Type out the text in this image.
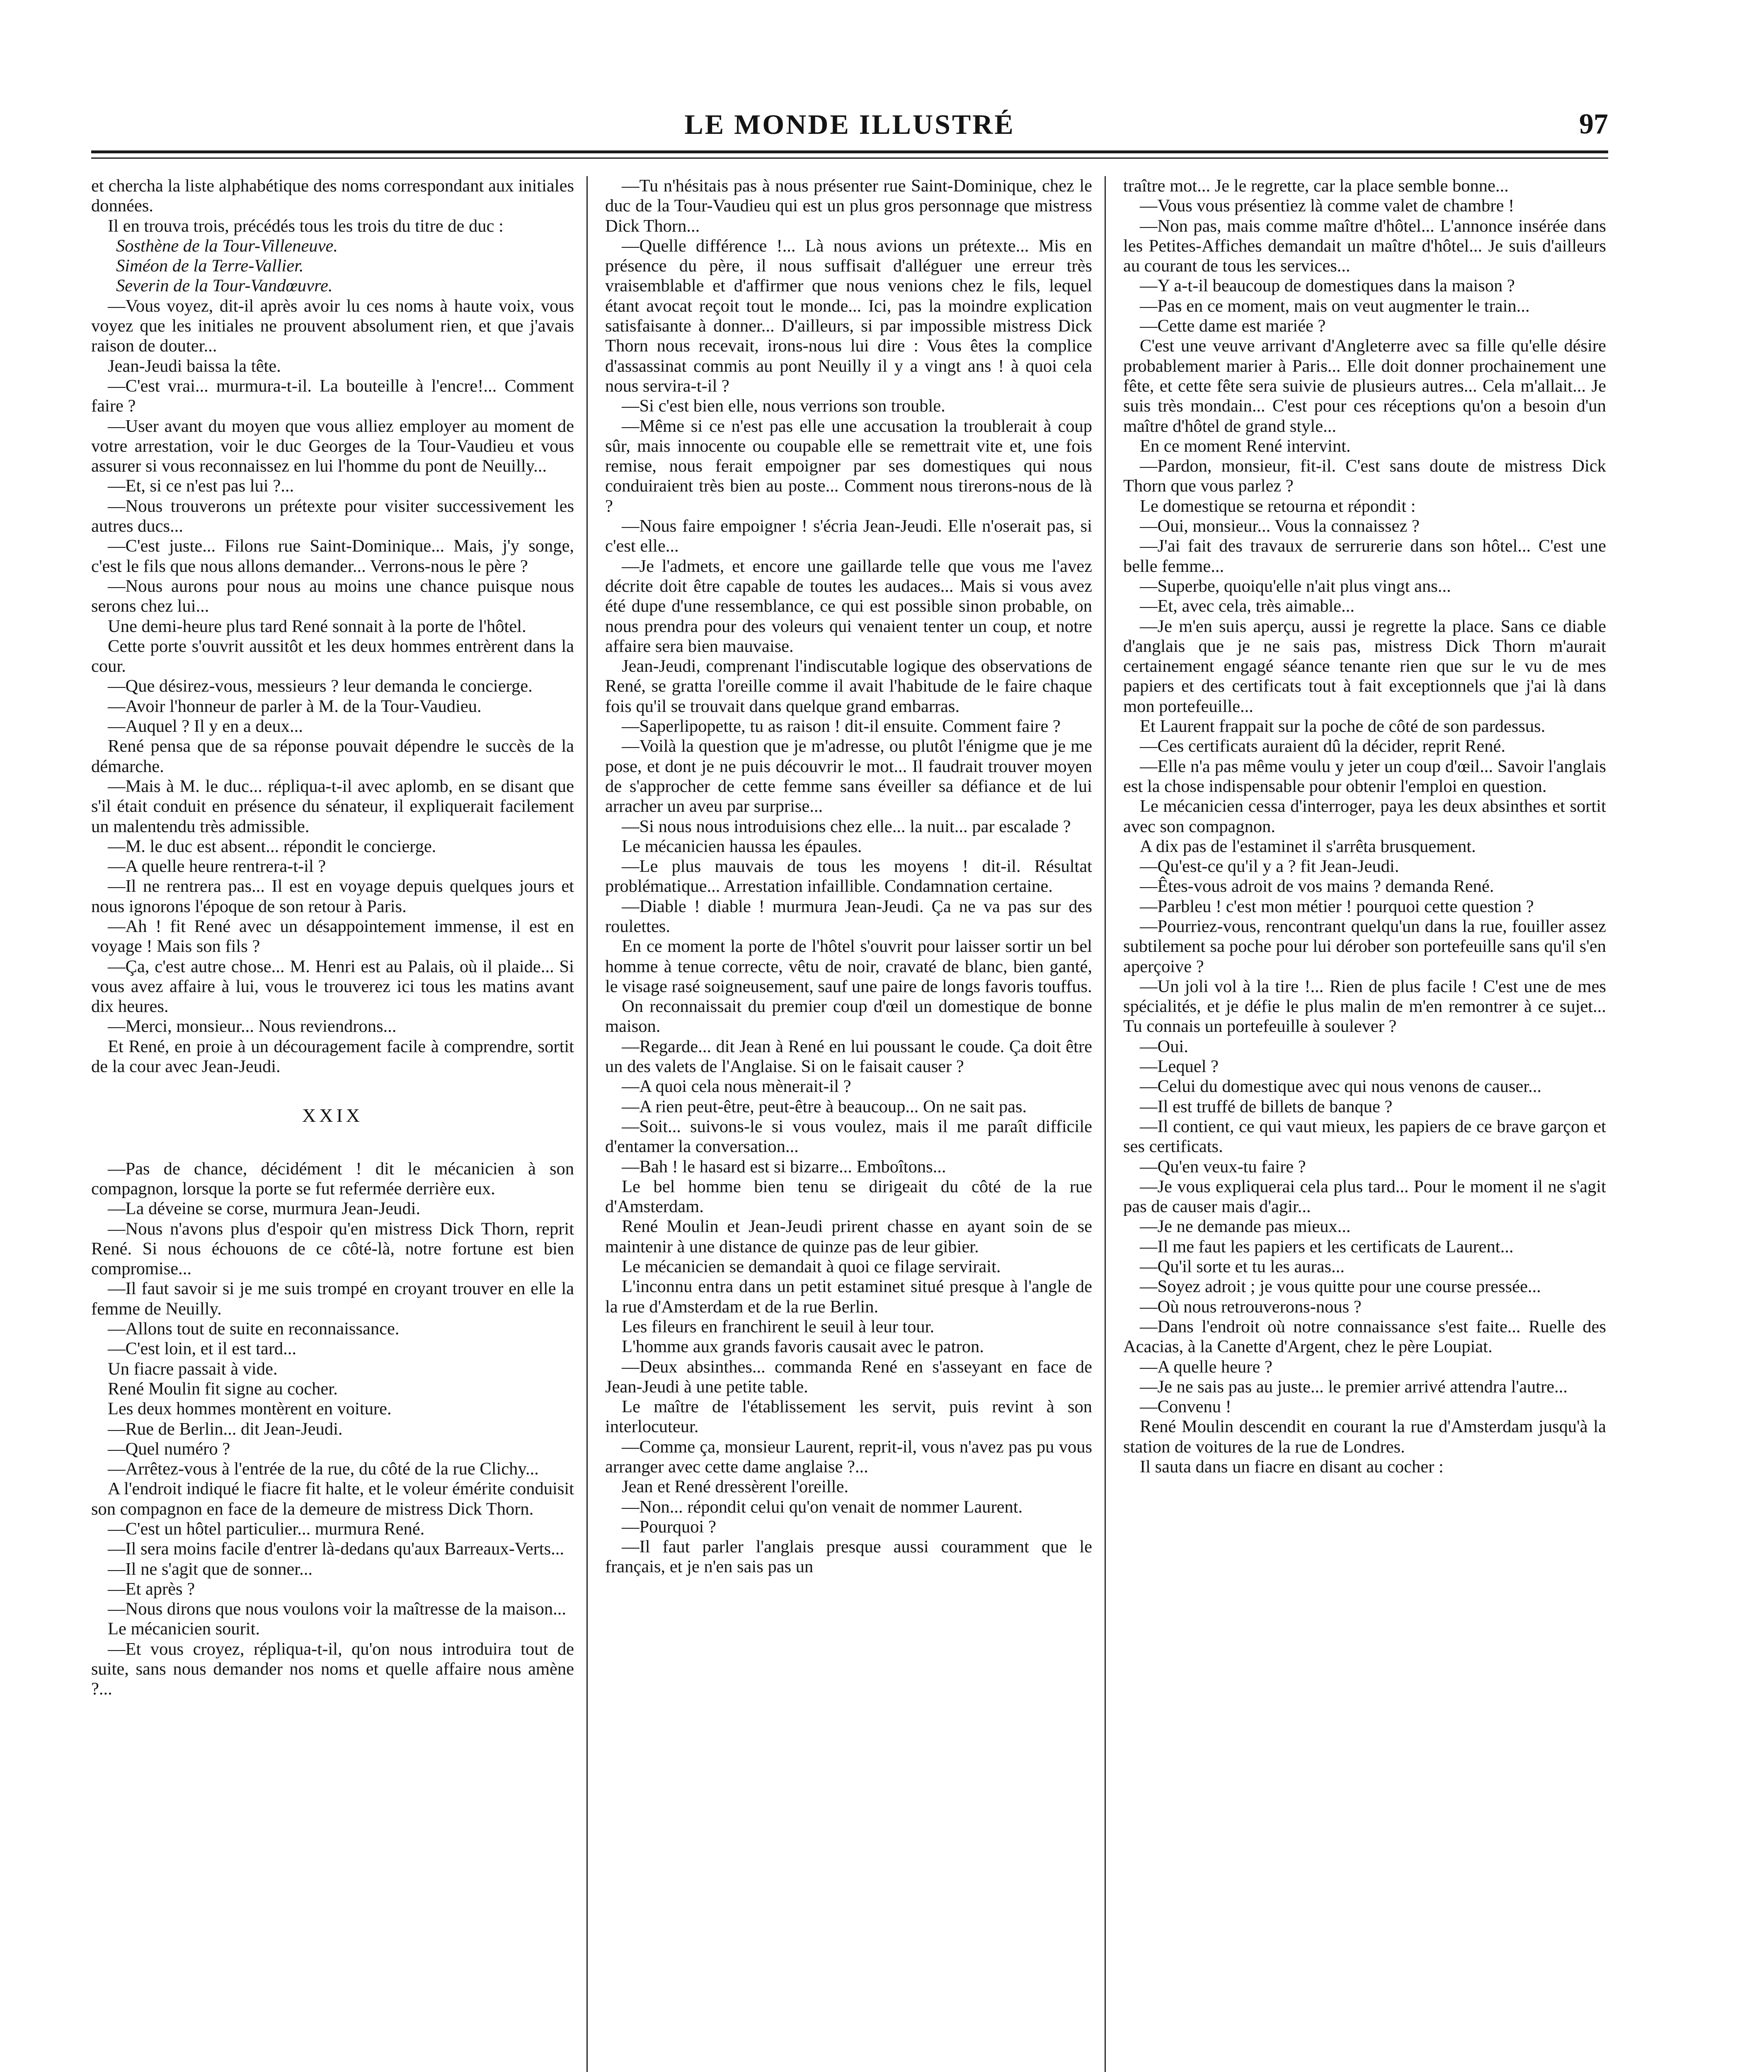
LE MONDE ILLUSTRÉ	97

et chercha la liste alphabétique des noms correspondant aux initiales données.

Il en trouva trois, précédés tous les trois du titre de duc :

Sosthène de la Tour-Villeneuve.

Siméon de la Terre-Vallier.

Severin de la Tour-Vandœuvre.

—Vous voyez, dit-il après avoir lu ces noms à haute voix, vous voyez que les initiales ne prouvent absolument rien, et que j'avais raison de douter...

Jean-Jeudi baissa la tête.

—C'est vrai... murmura-t-il. La bouteille à l'encre!... Comment faire ?

—User avant du moyen que vous alliez employer au moment de votre arrestation, voir le duc Georges de la Tour-Vaudieu et vous assurer si vous reconnaissez en lui l'homme du pont de Neuilly...

—Et, si ce n'est pas lui ?...

—Nous trouverons un prétexte pour visiter successivement les autres ducs...

—C'est juste... Filons rue Saint-Dominique... Mais, j'y songe, c'est le fils que nous allons demander... Verrons-nous le père ?

—Nous aurons pour nous au moins une chance puisque nous serons chez lui...

Une demi-heure plus tard René sonnait à la porte de l'hôtel.

Cette porte s'ouvrit aussitôt et les deux hommes entrèrent dans la cour.

—Que désirez-vous, messieurs ? leur demanda le concierge.

—Avoir l'honneur de parler à M. de la Tour-Vaudieu.

—Auquel ? Il y en a deux...

René pensa que de sa réponse pouvait dépendre le succès de la démarche.

—Mais à M. le duc... répliqua-t-il avec aplomb, en se disant que s'il était conduit en présence du sénateur, il expliquerait facilement un malentendu très admissible.

—M. le duc est absent... répondit le concierge.

—A quelle heure rentrera-t-il ?

—Il ne rentrera pas... Il est en voyage depuis quelques jours et nous ignorons l'époque de son retour à Paris.

—Ah ! fit René avec un désappointement immense, il est en voyage ! Mais son fils ?

—Ça, c'est autre chose... M. Henri est au Palais, où il plaide... Si vous avez affaire à lui, vous le trouverez ici tous les matins avant dix heures.

—Merci, monsieur... Nous reviendrons...

Et René, en proie à un découragement facile à comprendre, sortit de la cour avec Jean-Jeudi.

XXIX

—Pas de chance, décidément ! dit le mécanicien à son compagnon, lorsque la porte se fut refermée derrière eux.

—La déveine se corse, murmura Jean-Jeudi.

—Nous n'avons plus d'espoir qu'en mistress Dick Thorn, reprit René. Si nous échouons de ce côté-là, notre fortune est bien compromise...

—Il faut savoir si je me suis trompé en croyant trouver en elle la femme de Neuilly.

—Allons tout de suite en reconnaissance.

—C'est loin, et il est tard...

Un fiacre passait à vide.

René Moulin fit signe au cocher.

Les deux hommes montèrent en voiture.

—Rue de Berlin... dit Jean-Jeudi.

—Quel numéro ?

—Arrêtez-vous à l'entrée de la rue, du côté de la rue Clichy...

A l'endroit indiqué le fiacre fit halte, et le voleur émérite conduisit son compagnon en face de la demeure de mistress Dick Thorn.

—C'est un hôtel particulier... murmura René.

—Il sera moins facile d'entrer là-dedans qu'aux Barreaux-Verts...

—Il ne s'agit que de sonner...

—Et après ?

—Nous dirons que nous voulons voir la maîtresse de la maison...

Le mécanicien sourit.

—Et vous croyez, répliqua-t-il, qu'on nous introduira tout de suite, sans nous demander nos noms et quelle affaire nous amène ?...

—Tu n'hésitais pas à nous présenter rue Saint-Dominique, chez le duc de la Tour-Vaudieu qui est un plus gros personnage que mistress Dick Thorn...

—Quelle différence !... Là nous avions un prétexte... Mis en présence du père, il nous suffisait d'alléguer une erreur très vraisemblable et d'affirmer que nous venions chez le fils, lequel étant avocat reçoit tout le monde... Ici, pas la moindre explication satisfaisante à donner... D'ailleurs, si par impossible mistress Dick Thorn nous recevait, irons-nous lui dire : Vous êtes la complice d'assassinat commis au pont Neuilly il y a vingt ans ! à quoi cela nous servira-t-il ?

—Si c'est bien elle, nous verrions son trouble.

—Même si ce n'est pas elle une accusation la troublerait à coup sûr, mais innocente ou coupable elle se remettrait vite et, une fois remise, nous ferait empoigner par ses domestiques qui nous conduiraient très bien au poste... Comment nous tirerons-nous de là ?

—Nous faire empoigner ! s'écria Jean-Jeudi. Elle n'oserait pas, si c'est elle...

—Je l'admets, et encore une gaillarde telle que vous me l'avez décrite doit être capable de toutes les audaces... Mais si vous avez été dupe d'une ressemblance, ce qui est possible sinon probable, on nous prendra pour des voleurs qui venaient tenter un coup, et notre affaire sera bien mauvaise.

Jean-Jeudi, comprenant l'indiscutable logique des observations de René, se gratta l'oreille comme il avait l'habitude de le faire chaque fois qu'il se trouvait dans quelque grand embarras.

—Saperlipopette, tu as raison ! dit-il ensuite. Comment faire ?

—Voilà la question que je m'adresse, ou plutôt l'énigme que je me pose, et dont je ne puis découvrir le mot... Il faudrait trouver moyen de s'approcher de cette femme sans éveiller sa défiance et de lui arracher un aveu par surprise...

—Si nous nous introduisions chez elle... la nuit... par escalade ?

Le mécanicien haussa les épaules.

—Le plus mauvais de tous les moyens ! dit-il. Résultat problématique... Arrestation infaillible. Condamnation certaine.

—Diable ! diable ! murmura Jean-Jeudi. Ça ne va pas sur des roulettes.

En ce moment la porte de l'hôtel s'ouvrit pour laisser sortir un bel homme à tenue correcte, vêtu de noir, cravaté de blanc, bien ganté, le visage rasé soigneusement, sauf une paire de longs favoris touffus.

On reconnaissait du premier coup d'œil un domestique de bonne maison.

—Regarde... dit Jean à René en lui poussant le coude. Ça doit être un des valets de l'Anglaise. Si on le faisait causer ?

—A quoi cela nous mènerait-il ?

—A rien peut-être, peut-être à beaucoup... On ne sait pas.

—Soit... suivons-le si vous voulez, mais il me paraît difficile d'entamer la conversation...

—Bah ! le hasard est si bizarre... Emboîtons...

Le bel homme bien tenu se dirigeait du côté de la rue d'Amsterdam.

René Moulin et Jean-Jeudi prirent chasse en ayant soin de se maintenir à une distance de quinze pas de leur gibier.

Le mécanicien se demandait à quoi ce filage servirait.

L'inconnu entra dans un petit estaminet situé presque à l'angle de la rue d'Amsterdam et de la rue Berlin.

Les fileurs en franchirent le seuil à leur tour.

L'homme aux grands favoris causait avec le patron.

—Deux absinthes... commanda René en s'asseyant en face de Jean-Jeudi à une petite table.

Le maître de l'établissement les servit, puis revint à son interlocuteur.

—Comme ça, monsieur Laurent, reprit-il, vous n'avez pas pu vous arranger avec cette dame anglaise ?...

Jean et René dressèrent l'oreille.

—Non... répondit celui qu'on venait de nommer Laurent.

—Pourquoi ?

—Il faut parler l'anglais presque aussi couramment que le français, et je n'en sais pas un

traître mot... Je le regrette, car la place semble bonne...

—Vous vous présentiez là comme valet de chambre !

—Non pas, mais comme maître d'hôtel... L'annonce insérée dans les Petites-Affiches demandait un maître d'hôtel... Je suis d'ailleurs au courant de tous les services...

—Y a-t-il beaucoup de domestiques dans la maison ?

—Pas en ce moment, mais on veut augmenter le train...

—Cette dame est mariée ?

C'est une veuve arrivant d'Angleterre avec sa fille qu'elle désire probablement marier à Paris... Elle doit donner prochainement une fête, et cette fête sera suivie de plusieurs autres... Cela m'allait... Je suis très mondain... C'est pour ces réceptions qu'on a besoin d'un maître d'hôtel de grand style...

En ce moment René intervint.

—Pardon, monsieur, fit-il. C'est sans doute de mistress Dick Thorn que vous parlez ?

Le domestique se retourna et répondit :

—Oui, monsieur... Vous la connaissez ?

—J'ai fait des travaux de serrurerie dans son hôtel... C'est une belle femme...

—Superbe, quoiqu'elle n'ait plus vingt ans...

—Et, avec cela, très aimable...

—Je m'en suis aperçu, aussi je regrette la place. Sans ce diable d'anglais que je ne sais pas, mistress Dick Thorn m'aurait certainement engagé séance tenante rien que sur le vu de mes papiers et des certificats tout à fait exceptionnels que j'ai là dans mon portefeuille...

Et Laurent frappait sur la poche de côté de son pardessus.

—Ces certificats auraient dû la décider, reprit René.

—Elle n'a pas même voulu y jeter un coup d'œil... Savoir l'anglais est la chose indispensable pour obtenir l'emploi en question.

Le mécanicien cessa d'interroger, paya les deux absinthes et sortit avec son compagnon.

A dix pas de l'estaminet il s'arrêta brusquement.

—Qu'est-ce qu'il y a ? fit Jean-Jeudi.

—Êtes-vous adroit de vos mains ? demanda René.

—Parbleu ! c'est mon métier ! pourquoi cette question ?

—Pourriez-vous, rencontrant quelqu'un dans la rue, fouiller assez subtilement sa poche pour lui dérober son portefeuille sans qu'il s'en aperçoive ?

—Un joli vol à la tire !... Rien de plus facile ! C'est une de mes spécialités, et je défie le plus malin de m'en remontrer à ce sujet... Tu connais un portefeuille à soulever ?

—Oui.

—Lequel ?

—Celui du domestique avec qui nous venons de causer...

—Il est truffé de billets de banque ?

—Il contient, ce qui vaut mieux, les papiers de ce brave garçon et ses certificats.

—Qu'en veux-tu faire ?

—Je vous expliquerai cela plus tard... Pour le moment il ne s'agit pas de causer mais d'agir...

—Je ne demande pas mieux...

—Il me faut les papiers et les certificats de Laurent...

—Qu'il sorte et tu les auras...

—Soyez adroit ; je vous quitte pour une course pressée...

—Où nous retrouverons-nous ?

—Dans l'endroit où notre connaissance s'est faite... Ruelle des Acacias, à la Canette d'Argent, chez le père Loupiat.

—A quelle heure ?

—Je ne sais pas au juste... le premier arrivé attendra l'autre...

—Convenu !

René Moulin descendit en courant la rue d'Amsterdam jusqu'à la station de voitures de la rue de Londres.

Il sauta dans un fiacre en disant au cocher :
